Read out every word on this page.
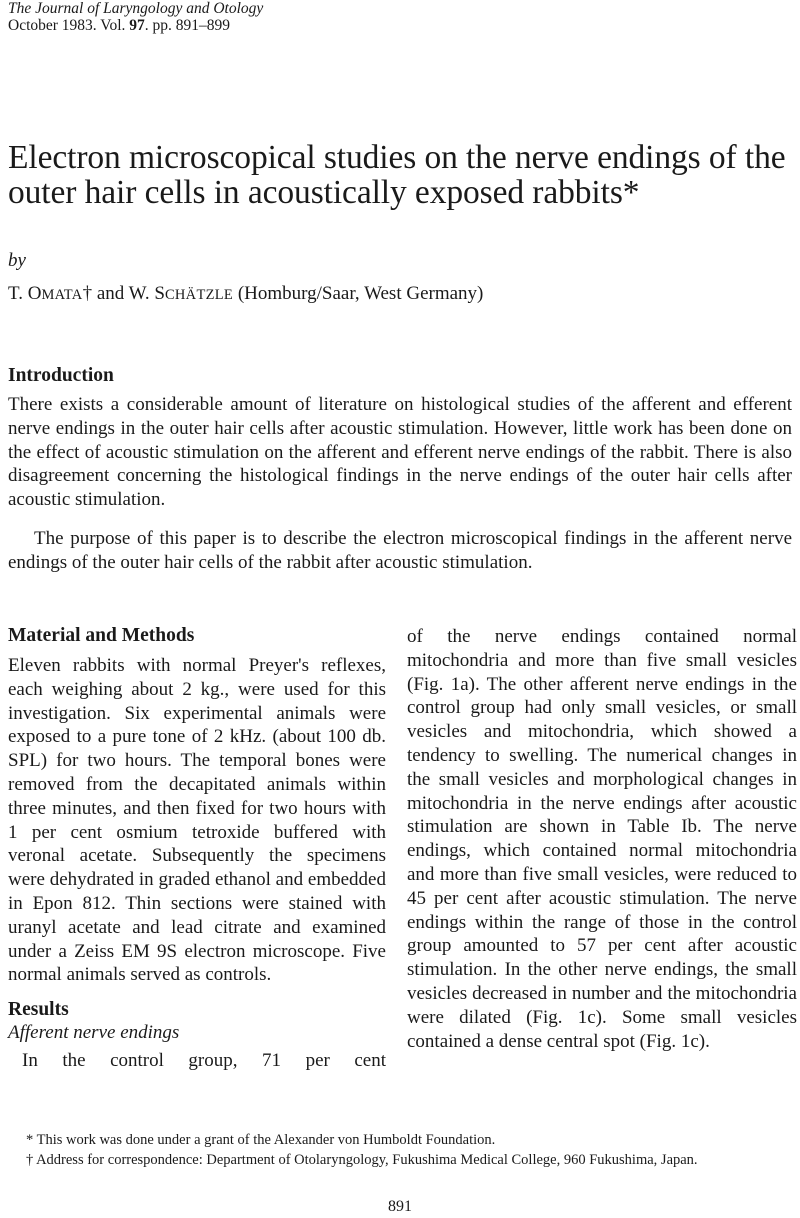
The Journal of Laryngology and Otology
October 1983. Vol. 97. pp. 891–899
Electron microscopical studies on the nerve endings of the outer hair cells in acoustically exposed rabbits*
by
T. OMATA† and W. SCHÄTZLE (Homburg/Saar, West Germany)
Introduction

There exists a considerable amount of literature on histological studies of the afferent and efferent nerve endings in the outer hair cells after acoustic stimulation. However, little work has been done on the effect of acoustic stimulation on the afferent and efferent nerve endings of the rabbit. There is also disagreement concerning the histological findings in the nerve endings of the outer hair cells after acoustic stimulation.

The purpose of this paper is to describe the electron microscopical findings in the afferent nerve endings of the outer hair cells of the rabbit after acoustic stimulation.

Material and Methods

Eleven rabbits with normal Preyer's reflexes, each weighing about 2 kg., were used for this investigation. Six experimental animals were exposed to a pure tone of 2 kHz. (about 100 db. SPL) for two hours. The temporal bones were removed from the decapitated animals within three minutes, and then fixed for two hours with 1 per cent osmium tetroxide buffered with veronal acetate. Subsequently the specimens were dehydrated in graded ethanol and embedded in Epon 812. Thin sections were stained with uranyl acetate and lead citrate and examined under a Zeiss EM 9S electron microscope. Five normal animals served as controls.

Results
Afferent nerve endings

In the control group, 71 per cent

of the nerve endings contained normal mitochondria and more than five small vesicles (Fig. 1a). The other afferent nerve endings in the control group had only small vesicles, or small vesicles and mitochondria, which showed a tendency to swelling. The numerical changes in the small vesicles and morphological changes in mitochondria in the nerve endings after acoustic stimulation are shown in Table Ib. The nerve endings, which contained normal mitochondria and more than five small vesicles, were reduced to 45 per cent after acoustic stimulation. The nerve endings within the range of those in the control group amounted to 57 per cent after acoustic stimulation. In the other nerve endings, the small vesicles decreased in number and the mitochondria were dilated (Fig. 1c). Some small vesicles contained a dense central spot (Fig. 1c).

* This work was done under a grant of the Alexander von Humboldt Foundation.

† Address for correspondence: Department of Otolaryngology, Fukushima Medical College, 960 Fukushima, Japan.

891
